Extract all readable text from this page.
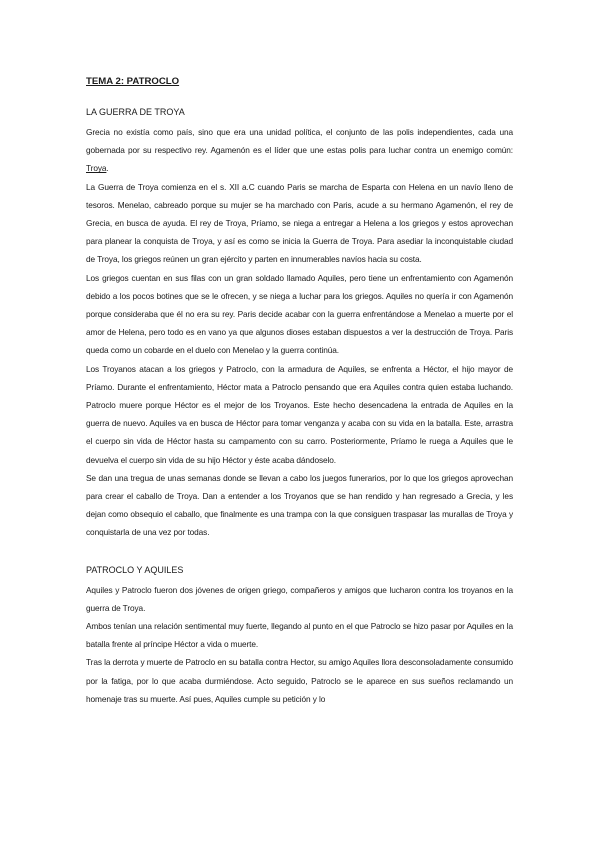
TEMA 2: PATROCLO
LA GUERRA DE TROYA

Grecia no existía como país, sino que era una unidad política, el conjunto de las polis independientes, cada una gobernada por su respectivo rey. Agamenón es el líder que une estas polis para luchar contra un enemigo común: Troya.

La Guerra de Troya comienza en el s. XII a.C cuando Paris se marcha de Esparta con Helena en un navío lleno de tesoros. Menelao, cabreado porque su mujer se ha marchado con Paris, acude a su hermano Agamenón, el rey de Grecia, en busca de ayuda. El rey de Troya, Príamo, se niega a entregar a Helena a los griegos y estos aprovechan para planear la conquista de Troya, y así es como se inicia la Guerra de Troya. Para asediar la inconquistable ciudad de Troya, los griegos reúnen un gran ejército y parten en innumerables navíos hacia su costa.

Los griegos cuentan en sus filas con un gran soldado llamado Aquiles, pero tiene un enfrentamiento con Agamenón debido a los pocos botines que se le ofrecen, y se niega a luchar para los griegos. Aquiles no quería ir con Agamenón porque consideraba que él no era su rey. Paris decide acabar con la guerra enfrentándose a Menelao a muerte por el amor de Helena, pero todo es en vano ya que algunos dioses estaban dispuestos a ver la destrucción de Troya. Paris queda como un cobarde en el duelo con Menelao y la guerra continúa.

Los Troyanos atacan a los griegos y Patroclo, con la armadura de Aquiles, se enfrenta a Héctor, el hijo mayor de Príamo. Durante el enfrentamiento, Héctor mata a Patroclo pensando que era Aquiles contra quien estaba luchando. Patroclo muere porque Héctor es el mejor de los Troyanos. Este hecho desencadena la entrada de Aquiles en la guerra de nuevo. Aquiles va en busca de Héctor para tomar venganza y acaba con su vida en la batalla. Este, arrastra el cuerpo sin vida de Héctor hasta su campamento con su carro. Posteriormente, Príamo le ruega a Aquiles que le devuelva el cuerpo sin vida de su hijo Héctor y éste acaba dándoselo.

Se dan una tregua de unas semanas donde se llevan a cabo los juegos funerarios, por lo que los griegos aprovechan para crear el caballo de Troya. Dan a entender a los Troyanos que se han rendido y han regresado a Grecia, y les dejan como obsequio el caballo, que finalmente es una trampa con la que consiguen traspasar las murallas de Troya y conquistarla de una vez por todas.

PATROCLO Y AQUILES

Aquiles y Patroclo fueron dos jóvenes de origen griego, compañeros y amigos que lucharon contra los troyanos en la guerra de Troya.

Ambos tenían una relación sentimental muy fuerte, llegando al punto en el que Patroclo se hizo pasar por Aquiles en la batalla frente al príncipe Héctor a vida o muerte.

Tras la derrota y muerte de Patroclo en su batalla contra Hector, su amigo Aquiles llora desconsoladamente consumido por la fatiga, por lo que acaba durmiéndose. Acto seguido, Patroclo se le aparece en sus sueños reclamando un homenaje tras su muerte. Así pues, Aquiles cumple su petición y lo
